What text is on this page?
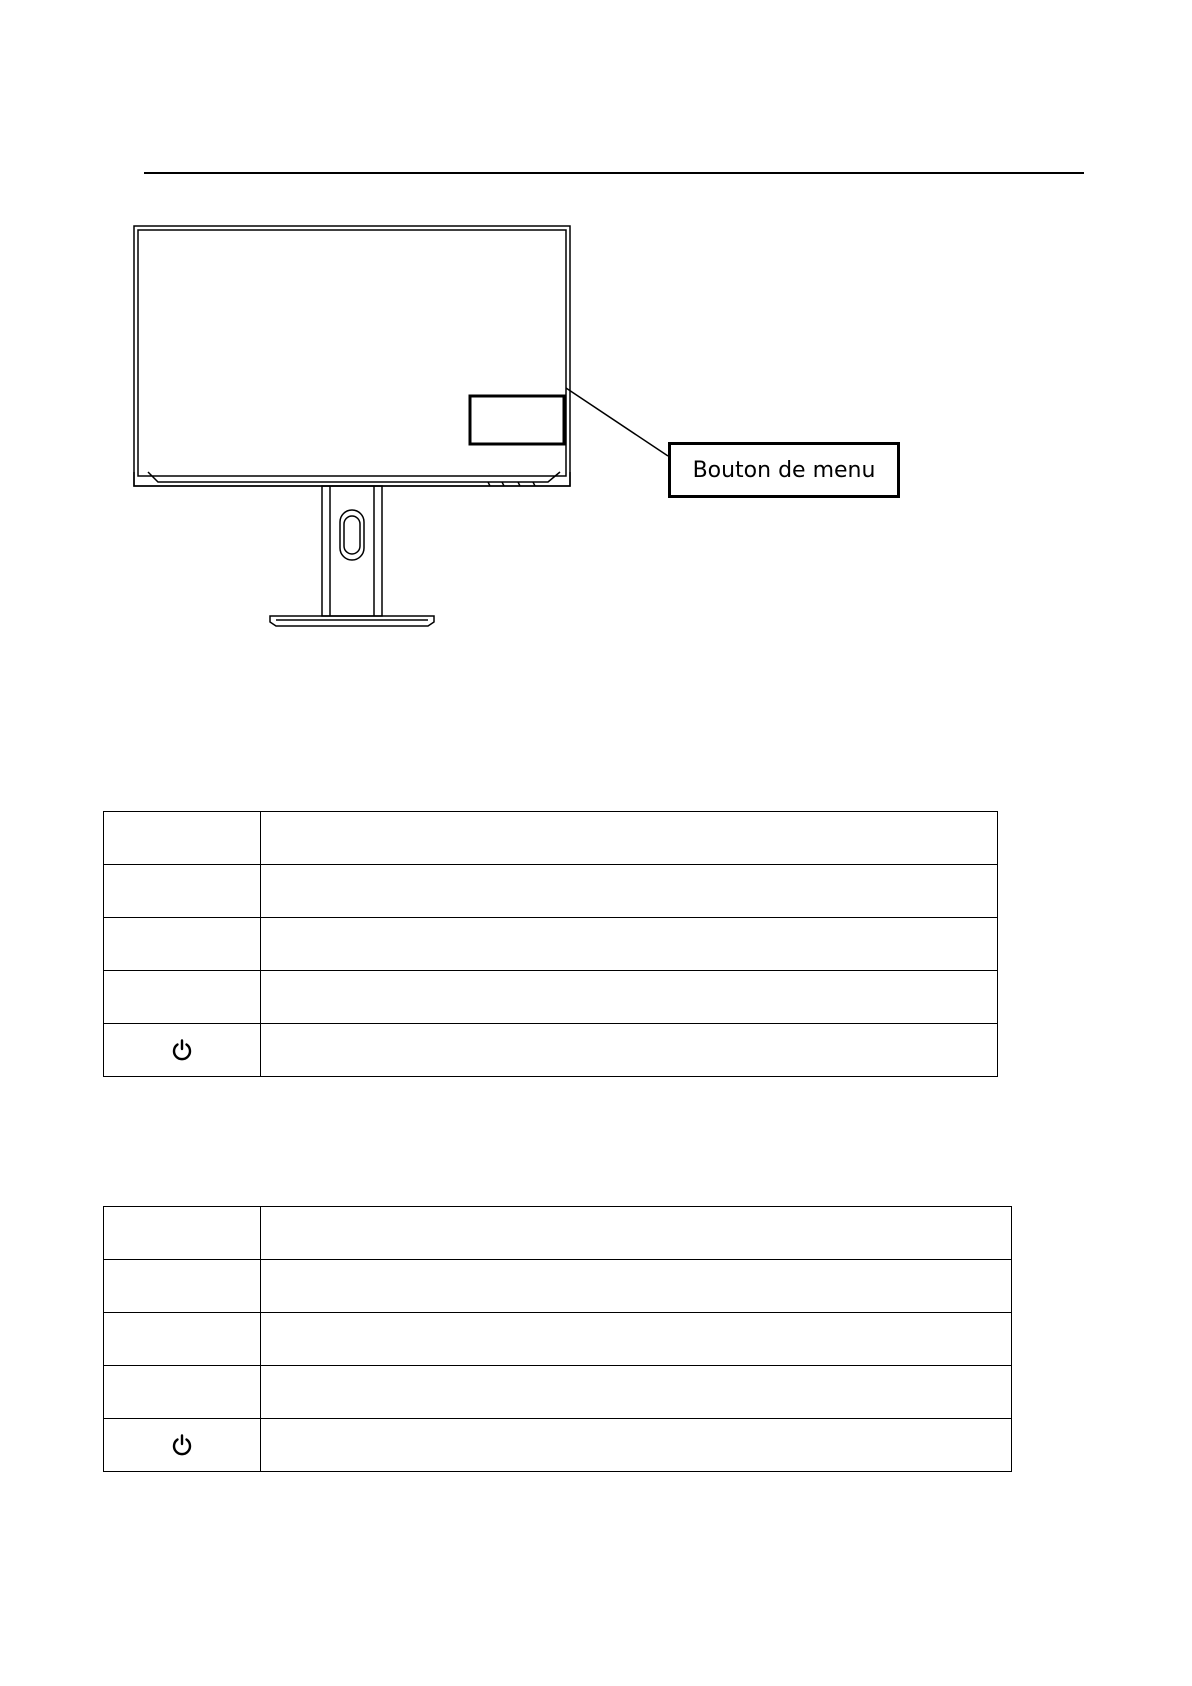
Bouton de menu
